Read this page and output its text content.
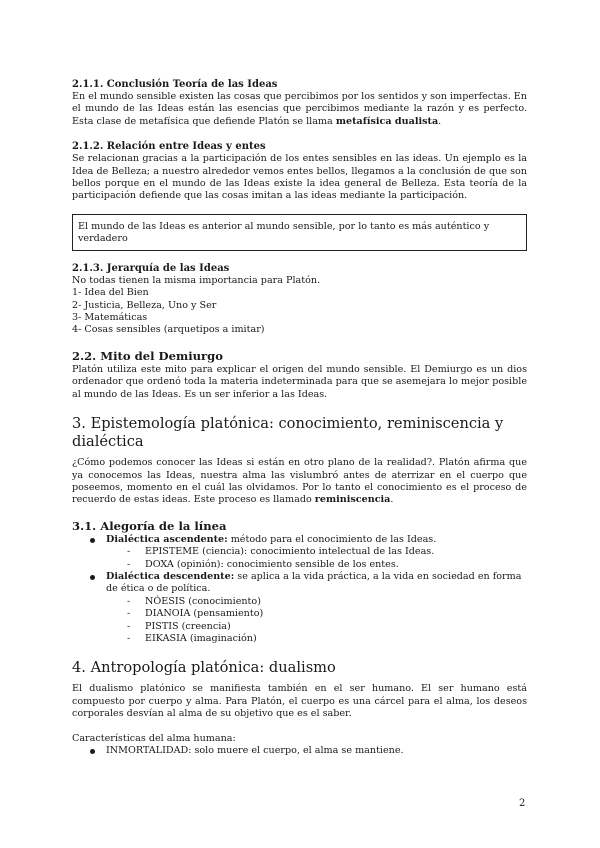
2.1.1. Conclusión Teoría de las Ideas

En el mundo sensible existen las cosas que percibimos por los sentidos y son imperfectas. En el mundo de las Ideas están las esencias que percibimos mediante la razón y es perfecto. Esta clase de metafísica que defiende Platón se llama metafísica dualista.

2.1.2. Relación entre Ideas y entes

Se relacionan gracias a la participación de los entes sensibles en las ideas. Un ejemplo es la Idea de Belleza; a nuestro alrededor vemos entes bellos, llegamos a la conclusión de que son bellos porque en el mundo de las Ideas existe la idea general de Belleza. Esta teoría de la participación defiende que las cosas imitan a las ideas mediante la participación.

El mundo de las Ideas es anterior al mundo sensible, por lo tanto es más auténtico y verdadero
2.1.3. Jerarquía de las Ideas

No todas tienen la misma importancia para Platón.

1- Idea del Bien
2- Justicia, Belleza, Uno y Ser
3- Matemáticas
4- Cosas sensibles (arquetipos a imitar)
2.2. Mito del Demiurgo

Platón utiliza este mito para explicar el origen del mundo sensible. El Demiurgo es un dios ordenador que ordenó toda la materia indeterminada para que se asemejara lo mejor posible al mundo de las Ideas. Es un ser inferior a las Ideas.

3. Epistemología platónica: conocimiento, reminiscencia y dialéctica

¿Cómo podemos conocer las Ideas si están en otro plano de la realidad?. Platón afirma que ya conocemos las Ideas, nuestra alma las vislumbró antes de aterrizar en el cuerpo que poseemos, momento en el cuál las olvidamos. Por lo tanto el conocimiento es el proceso de recuerdo de estas ideas. Este proceso es llamado reminiscencia.

3.1. Alegoría de la línea
Dialéctica ascendente: método para el conocimiento de las Ideas.
- EPISTEME (ciencia): conocimiento intelectual de las Ideas.
- DOXA (opinión): conocimiento sensible de los entes.
Dialéctica descendente: se aplica a la vida práctica, a la vida en sociedad en forma de ética o de política.
- NÓESIS (conocimiento)
- DIANOIA (pensamiento)
- PISTIS (creencia)
- EIKASIA (imaginación)
4. Antropología platónica: dualismo

El dualismo platónico se manifiesta también en el ser humano. El ser humano está compuesto por cuerpo y alma. Para Platón, el cuerpo es una cárcel para el alma, los deseos corporales desvían al alma de su objetivo que es el saber.

Características del alma humana:

INMORTALIDAD: solo muere el cuerpo, el alma se mantiene.
2
